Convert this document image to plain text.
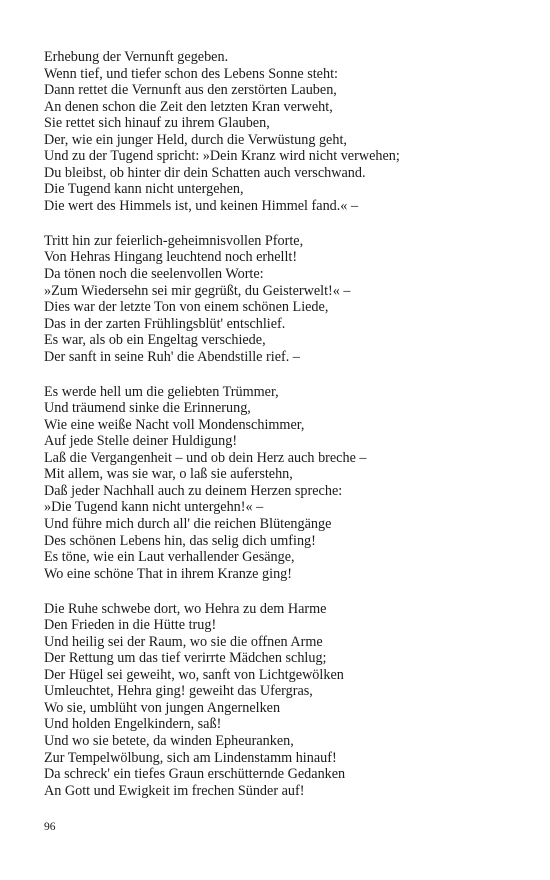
Erhebung der Vernunft gegeben.
Wenn tief, und tiefer schon des Lebens Sonne steht:
Dann rettet die Vernunft aus den zerstörten Lauben,
An denen schon die Zeit den letzten Kran verweht,
Sie rettet sich hinauf zu ihrem Glauben,
Der, wie ein junger Held, durch die Verwüstung geht,
Und zu der Tugend spricht: »Dein Kranz wird nicht verwehen;
Du bleibst, ob hinter dir dein Schatten auch verschwand.
Die Tugend kann nicht untergehen,
Die wert des Himmels ist, und keinen Himmel fand.« –
Tritt hin zur feierlich-geheimnisvollen Pforte,
Von Hehras Hingang leuchtend noch erhellt!
Da tönen noch die seelenvollen Worte:
»Zum Wiedersehn sei mir gegrüßt, du Geisterwelt!« –
Dies war der letzte Ton von einem schönen Liede,
Das in der zarten Frühlingsblüt' entschlief.
Es war, als ob ein Engeltag verschiede,
Der sanft in seine Ruh' die Abendstille rief. –
Es werde hell um die geliebten Trümmer,
Und träumend sinke die Erinnerung,
Wie eine weiße Nacht voll Mondenschimmer,
Auf jede Stelle deiner Huldigung!
Laß die Vergangenheit – und ob dein Herz auch breche –
Mit allem, was sie war, o laß sie auferstehn,
Daß jeder Nachhall auch zu deinem Herzen spreche:
»Die Tugend kann nicht untergehn!« –
Und führe mich durch all' die reichen Blütengänge
Des schönen Lebens hin, das selig dich umfing!
Es töne, wie ein Laut verhallender Gesänge,
Wo eine schöne That in ihrem Kranze ging!
Die Ruhe schwebe dort, wo Hehra zu dem Harme
Den Frieden in die Hütte trug!
Und heilig sei der Raum, wo sie die offnen Arme
Der Rettung um das tief verirrte Mädchen schlug;
Der Hügel sei geweiht, wo, sanft von Lichtgewölken
Umleuchtet, Hehra ging! geweiht das Ufergras,
Wo sie, umblüht von jungen Angernelken
Und holden Engelkindern, saß!
Und wo sie betete, da winden Epheuranken,
Zur Tempelwölbung, sich am Lindenstamm hinauf!
Da schreck' ein tiefes Graun erschütternde Gedanken
An Gott und Ewigkeit im frechen Sünder auf!
96
